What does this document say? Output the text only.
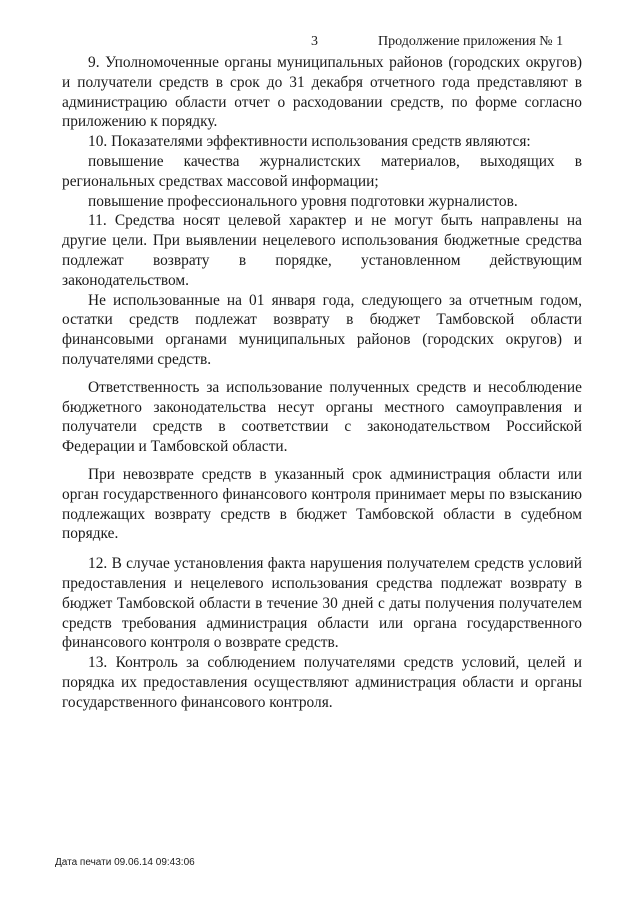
3	Продолжение приложения № 1

9. Уполномоченные органы муниципальных районов (городских округов) и получатели средств в срок до 31 декабря отчетного года представляют в администрацию области отчет о расходовании средств, по форме согласно приложению к порядку.

10. Показателями эффективности использования средств являются:

повышение качества журналистских материалов, выходящих в региональных средствах массовой информации;

повышение профессионального уровня подготовки журналистов.

11. Средства носят целевой характер и не могут быть направлены на другие цели. При выявлении нецелевого использования бюджетные средства подлежат возврату в порядке, установленном действующим законодательством.

Не использованные на 01 января года, следующего за отчетным годом, остатки средств подлежат возврату в бюджет Тамбовской области финансовыми органами муниципальных районов (городских округов) и получателями средств.

Ответственность за использование полученных средств и несоблюдение бюджетного законодательства несут органы местного самоуправления и получатели средств в соответствии с законодательством Российской Федерации и Тамбовской области.

При невозврате средств в указанный срок администрация области или орган государственного финансового контроля принимает меры по взысканию подлежащих возврату средств в бюджет Тамбовской области в судебном порядке.

12. В случае установления факта нарушения получателем средств условий предоставления и нецелевого использования средства подлежат возврату в бюджет Тамбовской области в течение 30 дней с даты получения получателем средств требования администрация области или органа государственного финансового контроля о возврате средств.

13. Контроль за соблюдением получателями средств условий, целей и порядка их предоставления осуществляют администрация области и органы государственного финансового контроля.

Дата печати 09.06.14 09:43:06
